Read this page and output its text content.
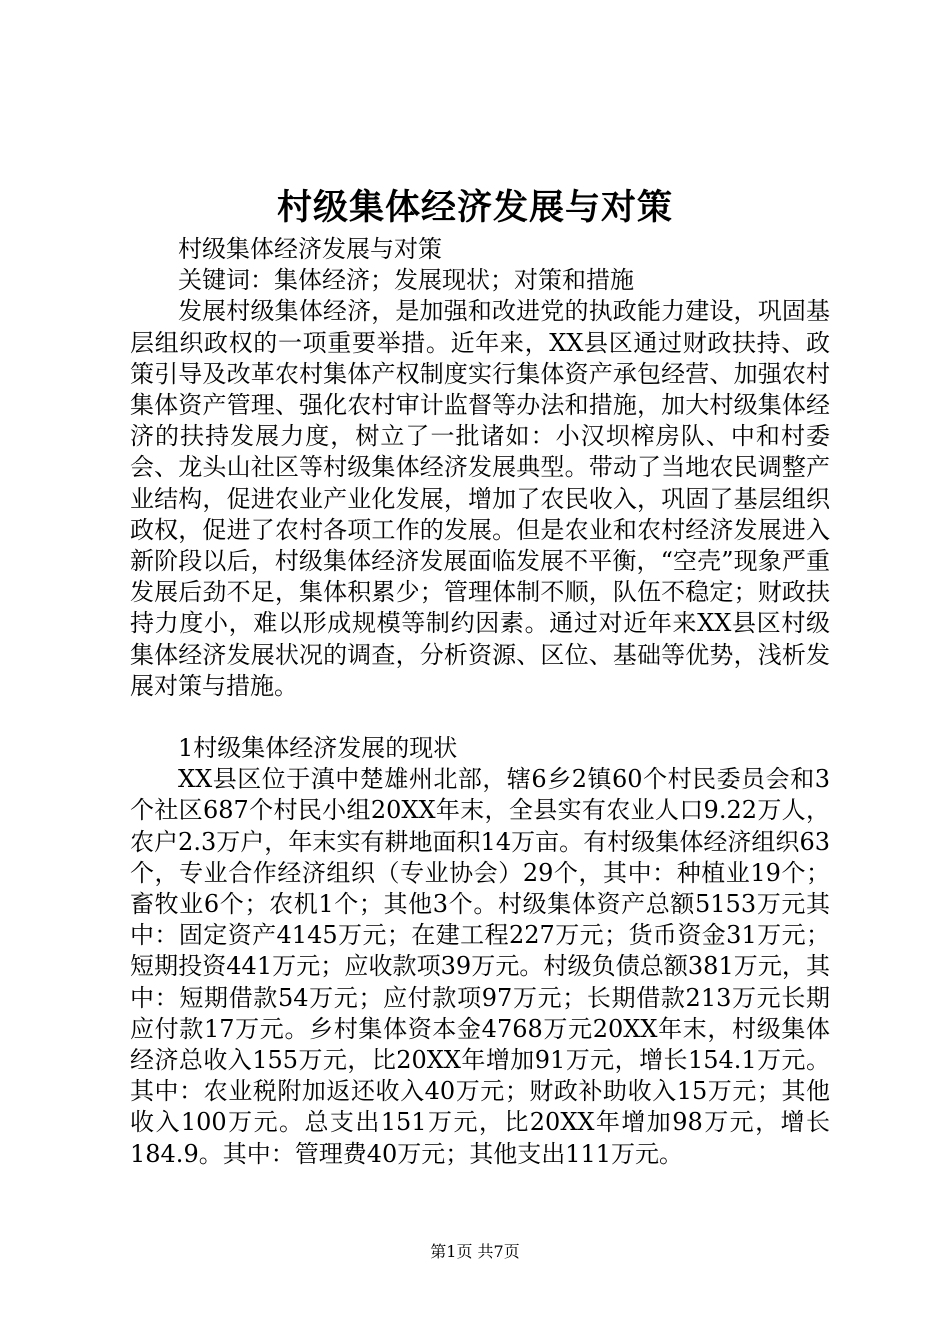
村级集体经济发展与对策

村级集体经济发展与对策

关键词：集体经济；发展现状；对策和措施

发展村级集体经济，是加强和改进党的执政能力建设，巩固基层组织政权的一项重要举措。近年来，XX县区通过财政扶持、政策引导及改革农村集体产权制度实行集体资产承包经营、加强农村集体资产管理、强化农村审计监督等办法和措施，加大村级集体经济的扶持发展力度，树立了一批诸如：小汉坝榨房队、中和村委会、龙头山社区等村级集体经济发展典型。带动了当地农民调整产业结构，促进农业产业化发展，增加了农民收入，巩固了基层组织政权，促进了农村各项工作的发展。但是农业和农村经济发展进入新阶段以后，村级集体经济发展面临发展不平衡，“空壳”现象严重发展后劲不足，集体积累少；管理体制不顺，队伍不稳定；财政扶持力度小，难以形成规模等制约因素。通过对近年来XX县区村级集体经济发展状况的调查，分析资源、区位、基础等优势，浅析发展对策与措施。

1村级集体经济发展的现状

XX县区位于滇中楚雄州北部，辖6乡2镇60个村民委员会和3个社区687个村民小组20XX年末，全县实有农业人口9.22万人，农户2.3万户，年末实有耕地面积14万亩。有村级集体经济组织63个，专业合作经济组织（专业协会）29个，其中：种植业19个；畜牧业6个；农机1个；其他3个。村级集体资产总额5153万元其中：固定资产4145万元；在建工程227万元；货币资金31万元；短期投资441万元；应收款项39万元。村级负债总额381万元，其中：短期借款54万元；应付款项97万元；长期借款213万元长期应付款17万元。乡村集体资本金4768万元20XX年末，村级集体经济总收入155万元，比20XX年增加91万元，增长154.1万元。其中：农业税附加返还收入40万元；财政补助收入15万元；其他收入100万元。总支出151万元，比20XX年增加98万元，增长184.9。其中：管理费40万元；其他支出111万元。

第1页 共7页
